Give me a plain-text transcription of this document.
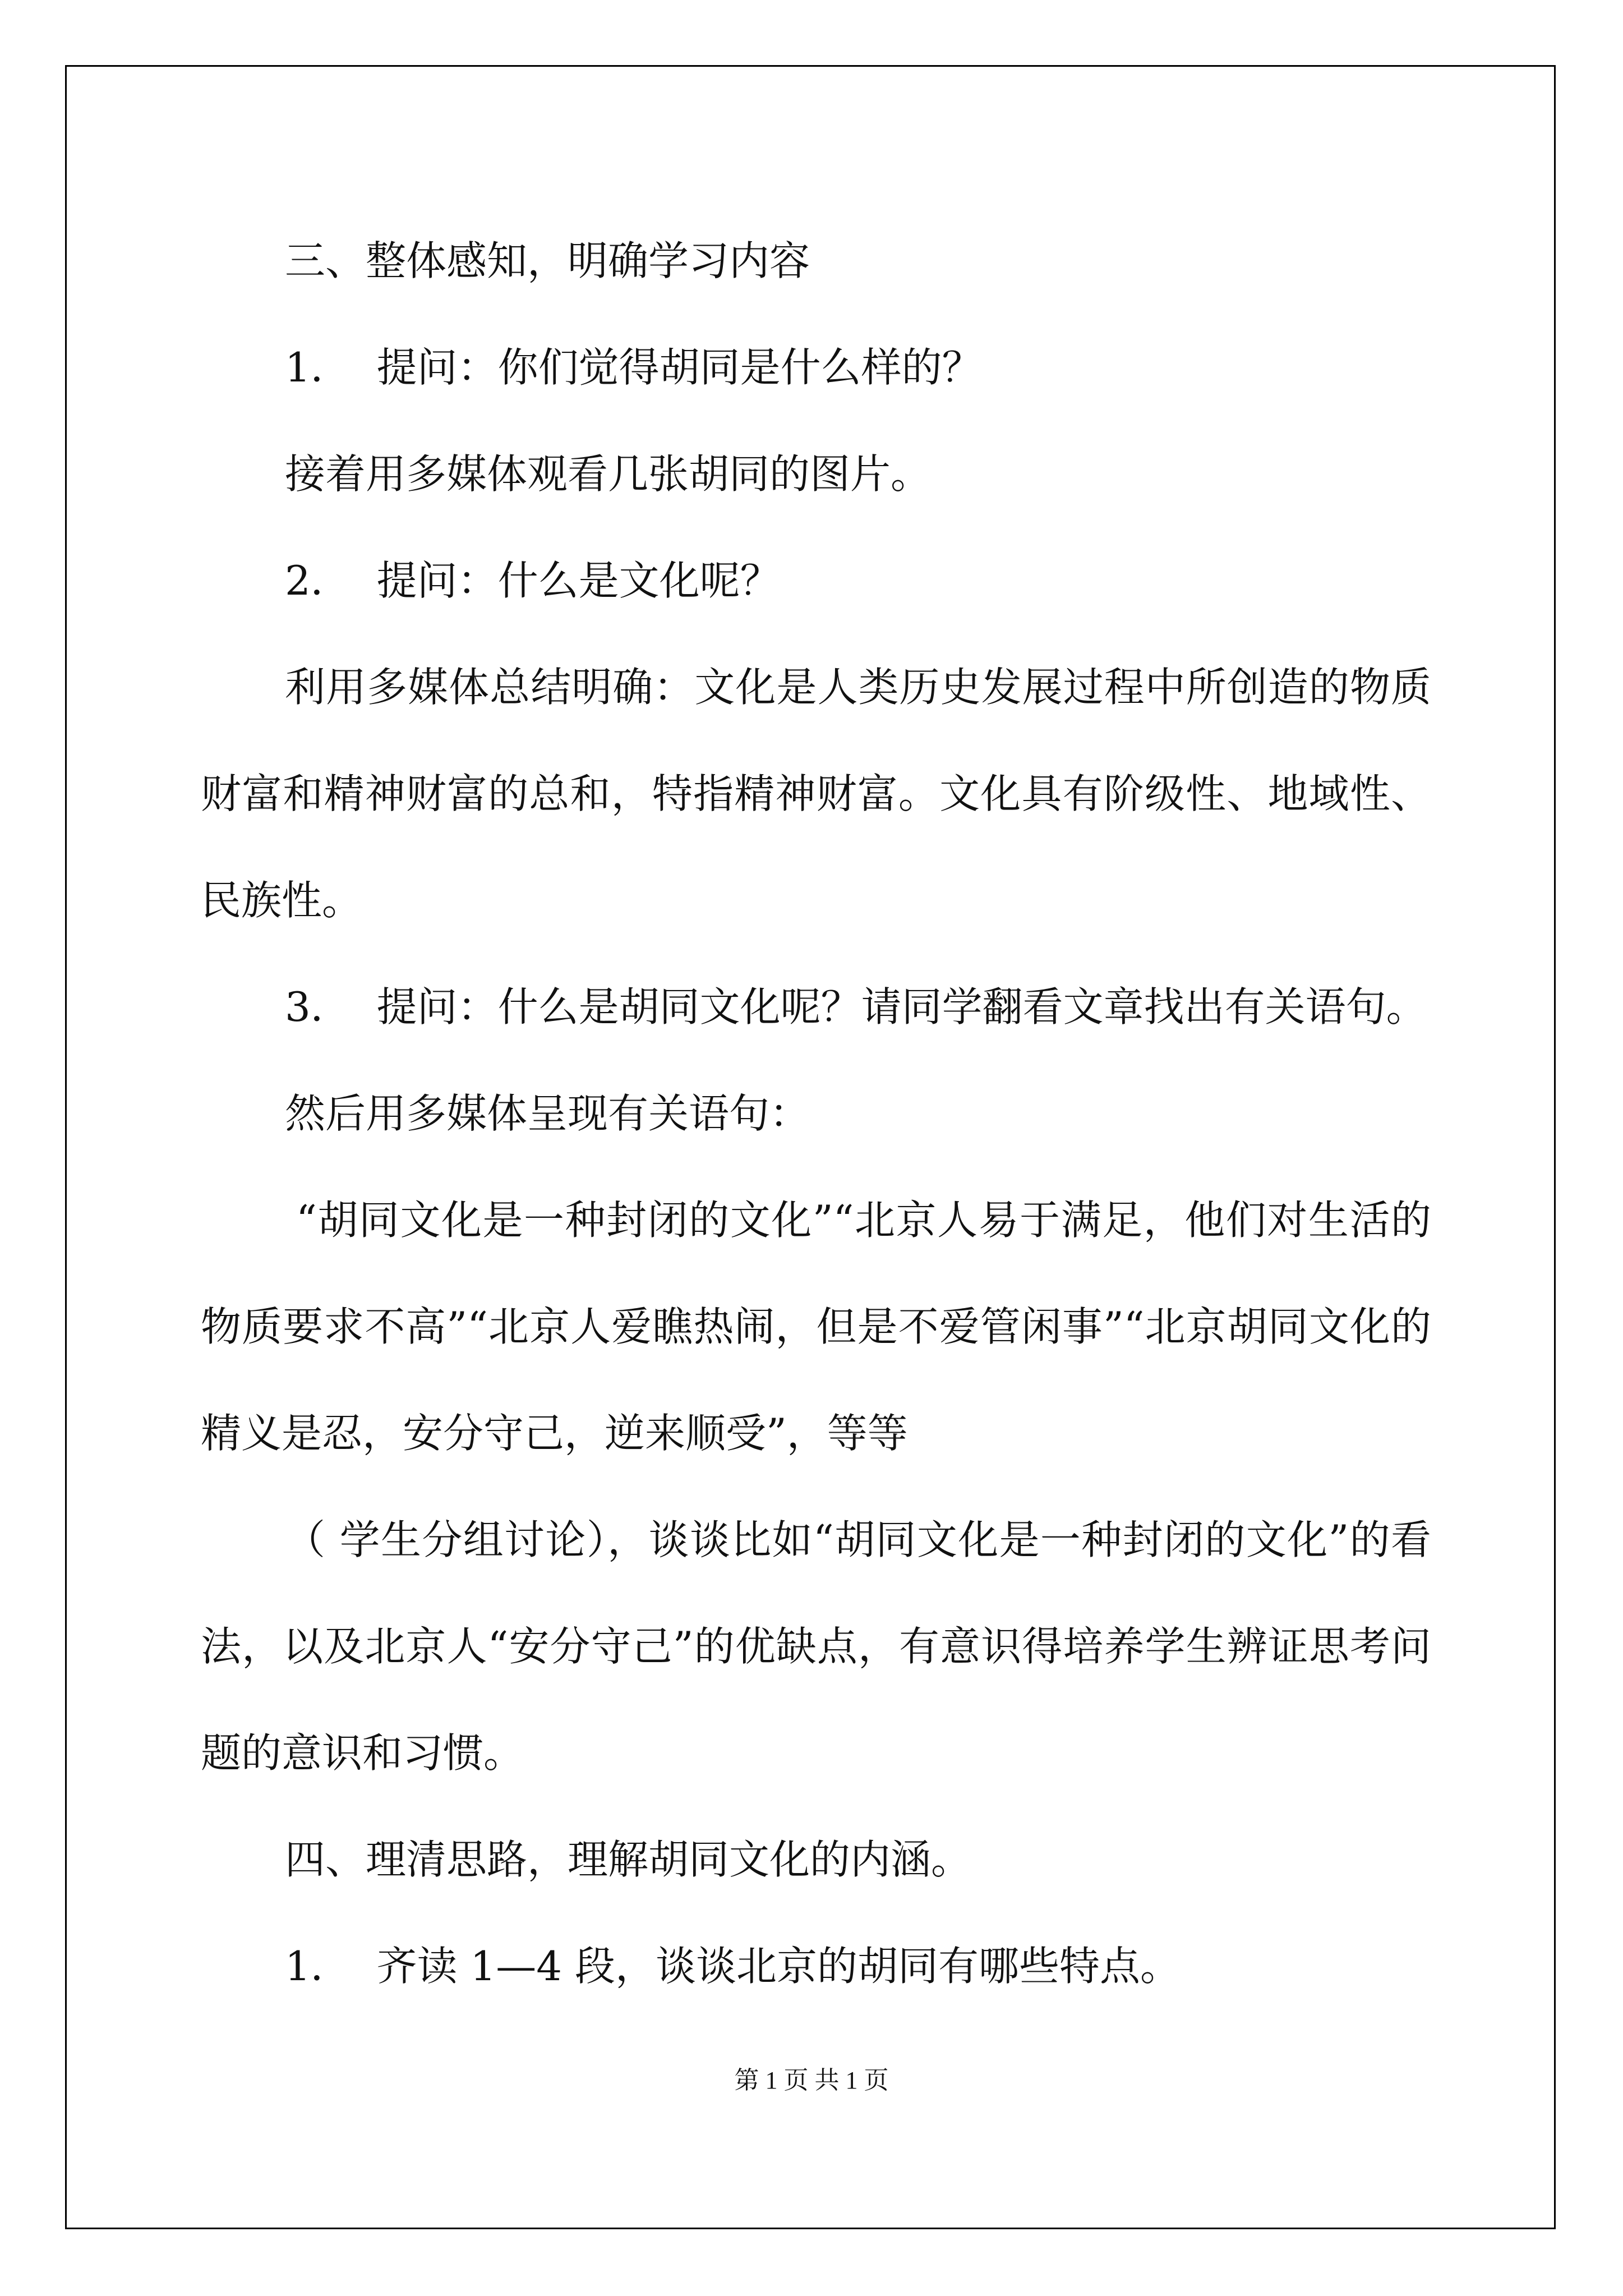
三、整体感知，明确学习内容

1．  提问：你们觉得胡同是什么样的？

接着用多媒体观看几张胡同的图片。

2．  提问：什么是文化呢？

利用多媒体总结明确：文化是人类历史发展过程中所创造的物质财富和精神财富的总和，特指精神财富。文化具有阶级性、地域性、民族性。

3．  提问：什么是胡同文化呢？请同学翻看文章找出有关语句。

然后用多媒体呈现有关语句：

“胡同文化是一种封闭的文化”“北京人易于满足，他们对生活的物质要求不高”“北京人爱瞧热闹，但是不爱管闲事”“北京胡同文化的精义是忍，安分守己，逆来顺受”，等等

（ 学生分组讨论），谈谈比如“胡同文化是一种封闭的文化”的看法，以及北京人“安分守己”的优缺点，有意识得培养学生辨证思考问题的意识和习惯。

四、理清思路，理解胡同文化的内涵。

1．  齐读 1—4 段，谈谈北京的胡同有哪些特点。

第 1 页 共 1 页
